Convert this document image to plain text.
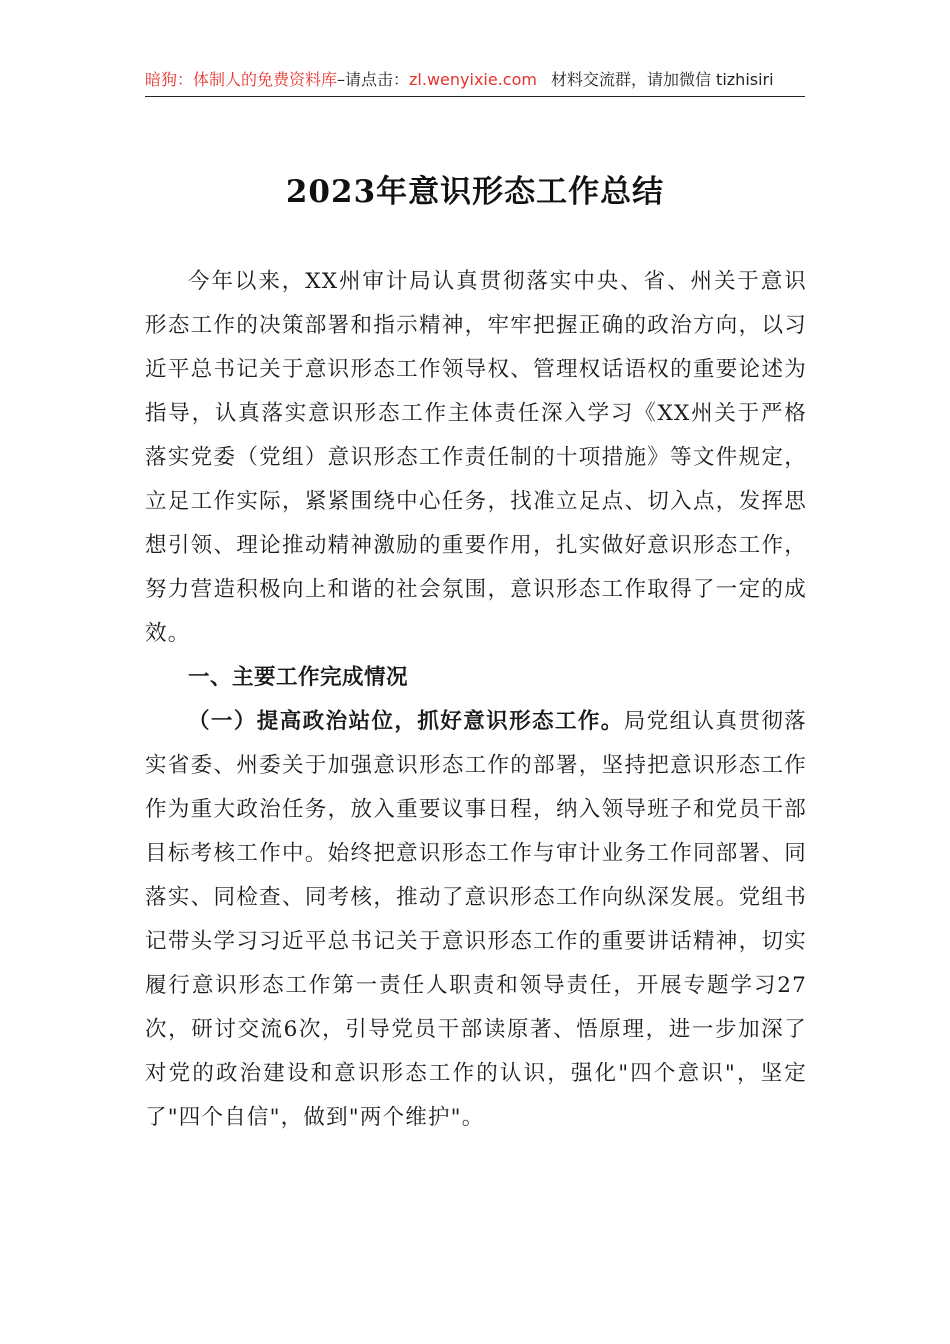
暗狗：体制人的免费资料库–请点击：zl.wenyixie.com 材料交流群，请加微信 tizhisiri
2023年意识形态工作总结

今年以来，XX州审计局认真贯彻落实中央、省、州关于意识形态工作的决策部署和指示精神，牢牢把握正确的政治方向，以习近平总书记关于意识形态工作领导权、管理权话语权的重要论述为指导，认真落实意识形态工作主体责任深入学习《XX州关于严格落实党委（党组）意识形态工作责任制的十项措施》等文件规定，立足工作实际，紧紧围绕中心任务，找准立足点、切入点，发挥思想引领、理论推动精神激励的重要作用，扎实做好意识形态工作，努力营造积极向上和谐的社会氛围，意识形态工作取得了一定的成效。

一、主要工作完成情况

（一）提高政治站位，抓好意识形态工作。局党组认真贯彻落实省委、州委关于加强意识形态工作的部署，坚持把意识形态工作作为重大政治任务，放入重要议事日程，纳入领导班子和党员干部目标考核工作中。始终把意识形态工作与审计业务工作同部署、同落实、同检查、同考核，推动了意识形态工作向纵深发展。党组书记带头学习习近平总书记关于意识形态工作的重要讲话精神，切实履行意识形态工作第一责任人职责和领导责任，开展专题学习27次，研讨交流6次，引导党员干部读原著、悟原理，进一步加深了对党的政治建设和意识形态工作的认识，强化"四个意识"，坚定了"四个自信"，做到"两个维护"。
